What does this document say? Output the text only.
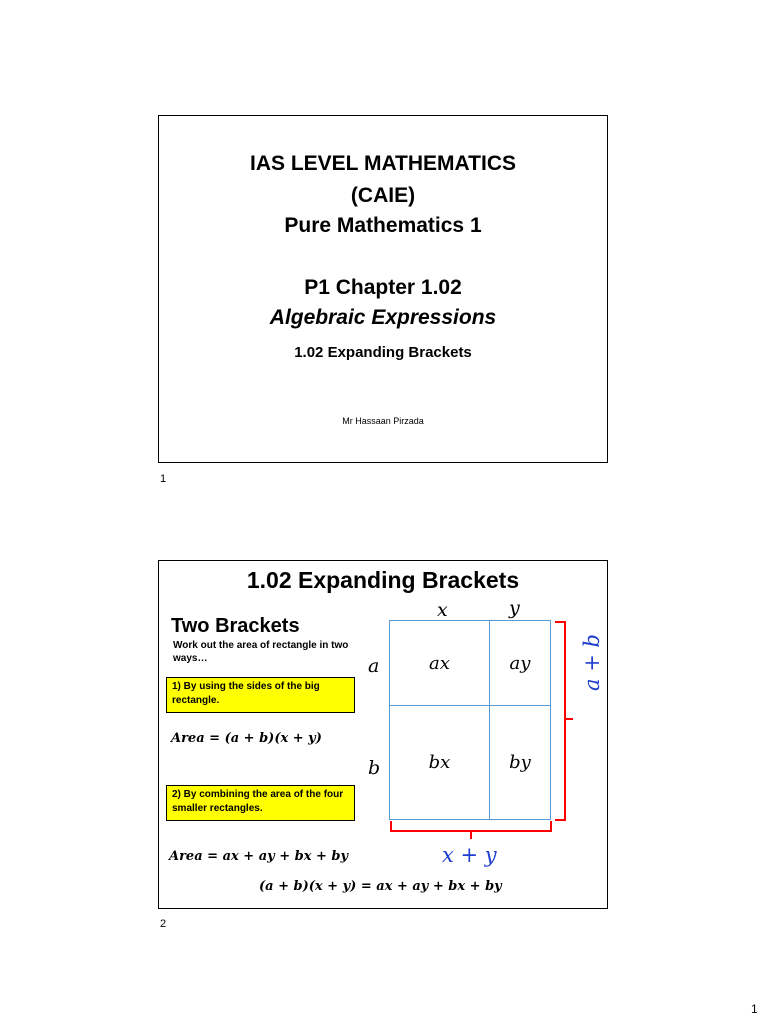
IAS LEVEL MATHEMATICS
(CAIE)
Pure Mathematics 1
P1 Chapter 1.02
Algebraic Expressions
1.02 Expanding Brackets
Mr Hassaan Pirzada
1
1.02 Expanding Brackets
Two Brackets
Work out the area of rectangle in two ways…
1) By using the sides of the big rectangle.
Area = (a + b)(x + y)
2) By combining the area of the four smaller rectangles.
Area = ax + ay + bx + by
(a + b)(x + y) = ax + ay + bx + by
x	y
a
b
ax	ay
bx	by
x + y
a + b
2
1
